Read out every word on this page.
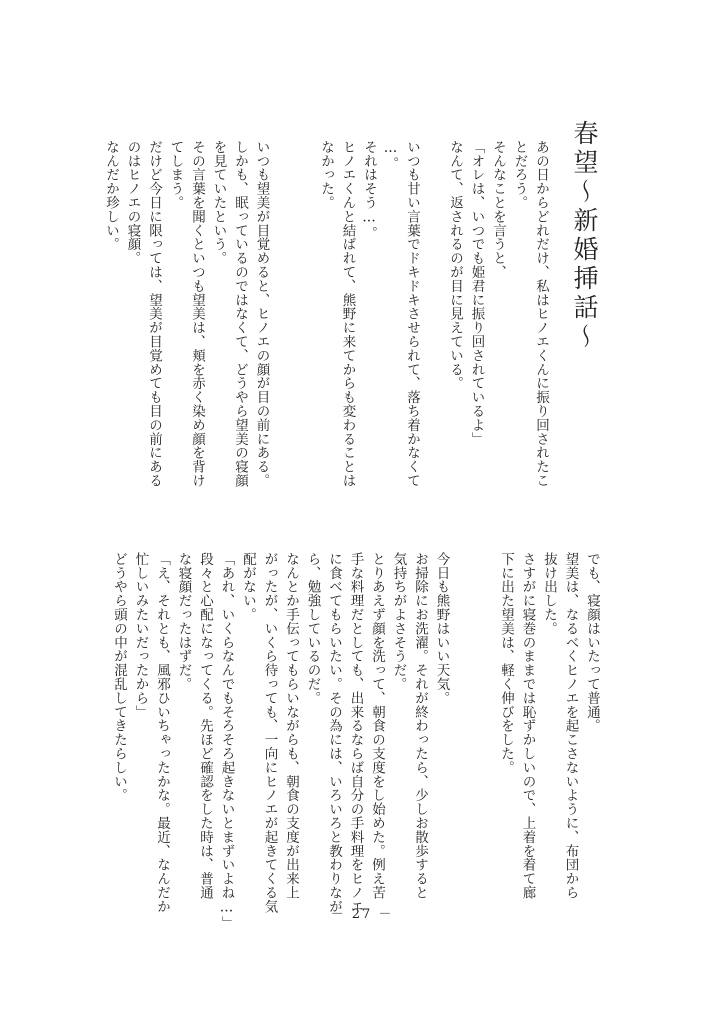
春望〜新婚挿話〜

あの日からどれだけ、私はヒノエくんに振り回されたこ

とだろう。

そんなことを言うと、

「オレは、いつでも姫君に振り回されているよ」

なんて、返されるのが目に見えている。

いつも甘い言葉でドキドキさせられて、落ち着かなくて

…。

それはそう…。

ヒノエくんと結ばれて、熊野に来てからも変わることは

なかった。

いつも望美が目覚めると、ヒノエの顔が目の前にある。

しかも、眠っているのではなくて、どうやら望美の寝顔

を見ていたという。

その言葉を聞くといつも望美は、頬を赤く染め顔を背け

てしまう。

だけど今日に限っては、望美が目覚めても目の前にある

のはヒノエの寝顔。

なんだか珍しい。

でも、寝顔はいたって普通。

望美は、なるべくヒノエを起こさないように、布団から

抜け出した。

さすがに寝巻のままでは恥ずかしいので、上着を着て廊

下に出た望美は、軽く伸びをした。

今日も熊野はいい天気。

お掃除にお洗濯。それが終わったら、少しお散歩すると

気持ちがよさそうだ。

とりあえず顔を洗って、朝食の支度をし始めた。例え苦

手な料理だとしても、出来るならば自分の手料理をヒノエ

に食べてもらいたい。その為には、いろいろと教わりなが

ら、勉強しているのだ。

なんとか手伝ってもらいながらも、朝食の支度が出来上

がったが、いくら待っても、一向にヒノエが起きてくる気

配がない。

「あれ、いくらなんでもそろそろ起きないとまずいよね…」

段々と心配になってくる。先ほど確認をした時は、普通

な寝顔だったはずだ。

「え、それとも、風邪ひいちゃったかな。最近、なんだか

忙しいみたいだったから」

どうやら頭の中が混乱してきたらしい。

－ 27 －
